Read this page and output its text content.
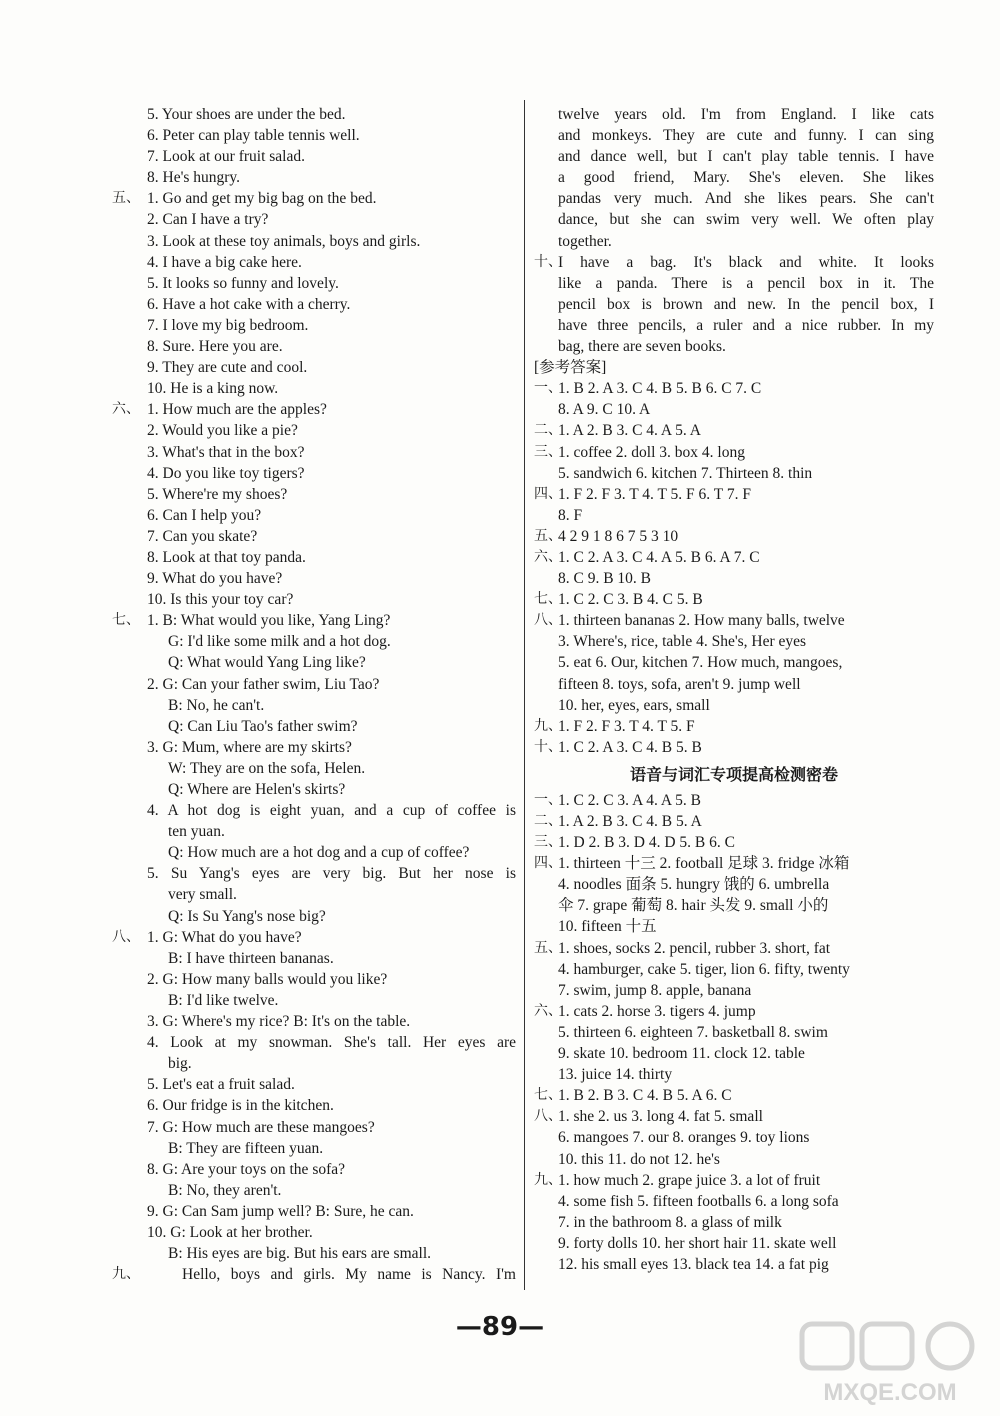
5. Your shoes are under the bed.
6. Peter can play table tennis well.
7. Look at our fruit salad.
8. He's hungry.
五、 1. Go and get my big bag on the bed.
2. Can I have a try?
3. Look at these toy animals, boys and girls.
4. I have a big cake here.
5. It looks so funny and lovely.
6. Have a hot cake with a cherry.
7. I love my big bedroom.
8. Sure. Here you are.
9. They are cute and cool.
10. He is a king now.
六、 1. How much are the apples?
2. Would you like a pie?
3. What's that in the box?
4. Do you like toy tigers?
5. Where're my shoes?
6. Can I help you?
7. Can you skate?
8. Look at that toy panda.
9. What do you have?
10. Is this your toy car?
七、 1. B: What would you like, Yang Ling?
G: I'd like some milk and a hot dog.
Q: What would Yang Ling like?
2. G: Can your father swim, Liu Tao?
B: No, he can't.
Q: Can Liu Tao's father swim?
3. G: Mum, where are my skirts?
W: They are on the sofa, Helen.
Q: Where are Helen's skirts?
4. A hot dog is eight yuan, and a cup of coffee is
ten yuan.
Q: How much are a hot dog and a cup of coffee?
5. Su Yang's eyes are very big. But her nose is
very small.
Q: Is Su Yang's nose big?
八、 1. G: What do you have?
B: I have thirteen bananas.
2. G: How many balls would you like?
B: I'd like twelve.
3. G: Where's my rice? B: It's on the table.
4. Look at my snowman. She's tall. Her eyes are
big.
5. Let's eat a fruit salad.
6. Our fridge is in the kitchen.
7. G: How much are these mangoes?
B: They are fifteen yuan.
8. G: Are your toys on the sofa?
B: No, they aren't.
9. G: Can Sam jump well? B: Sure, he can.
10. G: Look at her brother.
B: His eyes are big. But his ears are small.
九、	Hello, boys and girls. My name is Nancy. I'm
twelve years old. I'm from England. I like cats
and monkeys. They are cute and funny. I can sing
and dance well, but I can't play table tennis. I have
a good friend, Mary. She's eleven. She likes
pandas very much. And she likes pears. She can't
dance, but she can swim very well. We often play
together.
十、
I have a bag. It's black and white. It looks
like a panda. There is a pencil box in it. The
pencil box is brown and new. In the pencil box, I
have three pencils, a ruler and a nice rubber. In my
bag, there are seven books.
[参考答案]
一、
1. B 2. A 3. C 4. B 5. B 6. C 7. C
8. A 9. C 10. A
二、
1. A 2. B 3. C 4. A 5. A
三、
1. coffee 2. doll 3. box 4. long
5. sandwich 6. kitchen 7. Thirteen 8. thin
四、
1. F 2. F 3. T 4. T 5. F 6. T 7. F
8. F
五、
4 2 9 1 8 6 7 5 3 10
六、
1. C 2. A 3. C 4. A 5. B 6. A 7. C
8. C 9. B 10. B
七、
1. C 2. C 3. B 4. C 5. B
八、
1. thirteen bananas 2. How many balls, twelve
3. Where's, rice, table 4. She's, Her eyes
5. eat 6. Our, kitchen 7. How much, mangoes,
fifteen 8. toys, sofa, aren't 9. jump well
10. her, eyes, ears, small
九、
1. F 2. F 3. T 4. T 5. F
十、
1. C 2. A 3. C 4. B 5. B
语音与词汇专项提高检测密卷
一、
1. C 2. C 3. A 4. A 5. B
二、
1. A 2. B 3. C 4. B 5. A
三、
1. D 2. B 3. D 4. D 5. B 6. C
四、
1. thirteen 十三 2. football 足球 3. fridge 冰箱
4. noodles 面条 5. hungry 饿的 6. umbrella
伞 7. grape 葡萄 8. hair 头发 9. small 小的
10. fifteen 十五
五、
1. shoes, socks 2. pencil, rubber 3. short, fat
4. hamburger, cake 5. tiger, lion 6. fifty, twenty
7. swim, jump 8. apple, banana
六、
1. cats 2. horse 3. tigers 4. jump
5. thirteen 6. eighteen 7. basketball 8. swim
9. skate 10. bedroom 11. clock 12. table
13. juice 14. thirty
七、
1. B 2. B 3. C 4. B 5. A 6. C
八、
1. she 2. us 3. long 4. fat 5. small
6. mangoes 7. our 8. oranges 9. toy lions
10. this 11. do not 12. he's
九、
1. how much 2. grape juice 3. a lot of fruit
4. some fish 5. fifteen footballs 6. a long sofa
7. in the bathroom 8. a glass of milk
9. forty dolls 10. her short hair 11. skate well
12. his small eyes 13. black tea 14. a fat pig
—89—
MXQE.COM
